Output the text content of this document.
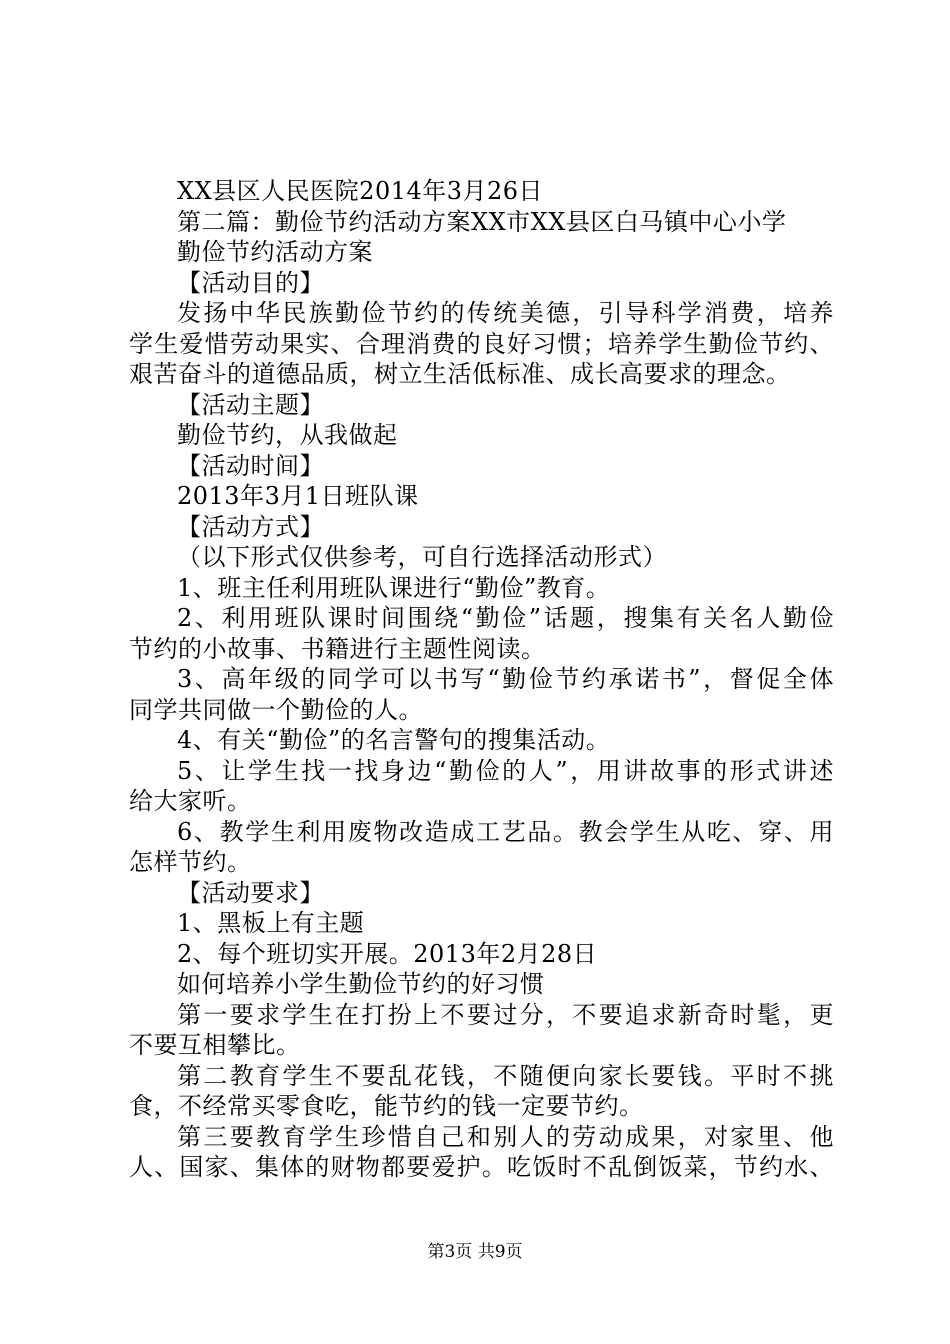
XX县区人民医院2014年3月26日
第二篇：勤俭节约活动方案XX市XX县区白马镇中心小学
勤俭节约活动方案
【活动目的】
发扬中华民族勤俭节约的传统美德，引导科学消费，培养
学生爱惜劳动果实、合理消费的良好习惯；培养学生勤俭节约、
艰苦奋斗的道德品质，树立生活低标准、成长高要求的理念。
【活动主题】
勤俭节约，从我做起
【活动时间】
2013年3月1日班队课
【活动方式】
（以下形式仅供参考，可自行选择活动形式）
1、班主任利用班队课进行“勤俭”教育。
2、利用班队课时间围绕“勤俭”话题，搜集有关名人勤俭
节约的小故事、书籍进行主题性阅读。
3、高年级的同学可以书写“勤俭节约承诺书”，督促全体
同学共同做一个勤俭的人。
4、有关“勤俭”的名言警句的搜集活动。
5、让学生找一找身边“勤俭的人”，用讲故事的形式讲述
给大家听。
6、教学生利用废物改造成工艺品。教会学生从吃、穿、用
怎样节约。
【活动要求】
1、黑板上有主题
2、每个班切实开展。2013年2月28日
如何培养小学生勤俭节约的好习惯
第一要求学生在打扮上不要过分，不要追求新奇时髦，更
不要互相攀比。
第二教育学生不要乱花钱，不随便向家长要钱。平时不挑
食，不经常买零食吃，能节约的钱一定要节约。
第三要教育学生珍惜自己和别人的劳动成果，对家里、他
人、国家、集体的财物都要爱护。吃饭时不乱倒饭菜，节约水、
第3页 共9页
